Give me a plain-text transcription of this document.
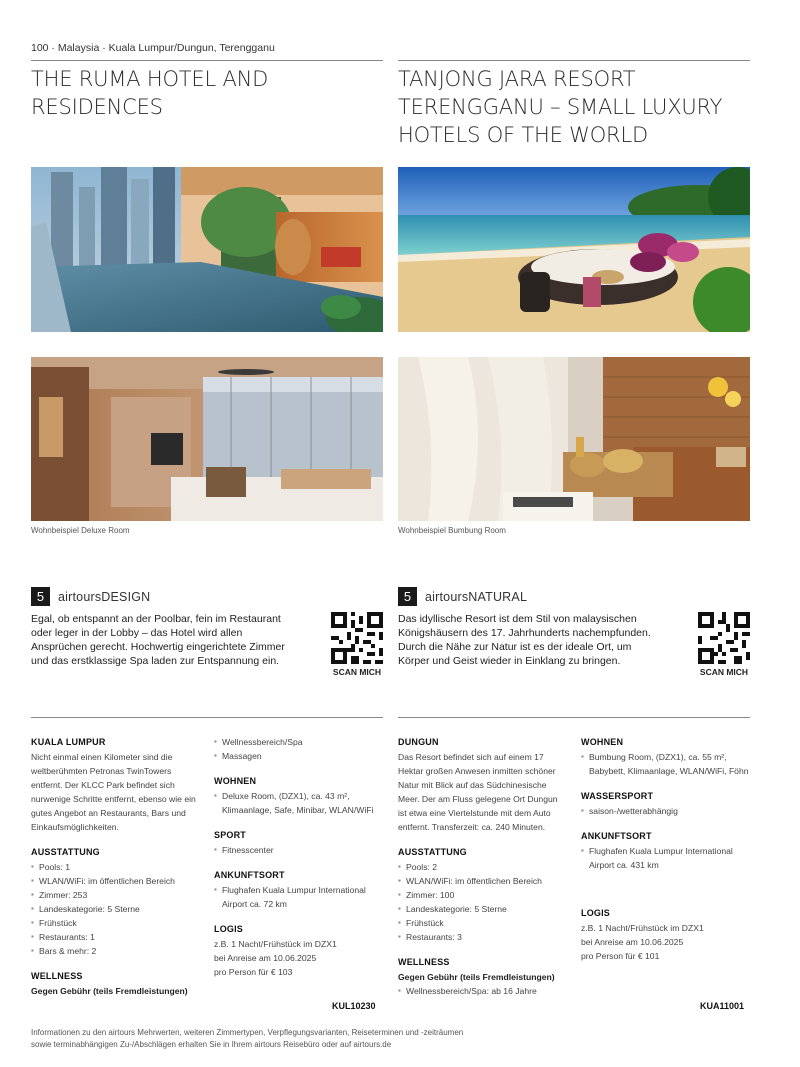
100 · Malaysia · Kuala Lumpur/Dungun, Terengganu
THE RUMA HOTEL AND
RESIDENCES
TANJONG JARA RESORT
TERENGGANU – SMALL LUXURY
HOTELS OF THE WORLD
Wohnbeispiel Deluxe Room	Wohnbeispiel Bumbung Room
5	airtoursDESIGN	5	airtoursNATURAL
Egal, ob entspannt an der Poolbar, fein im Restaurant oder leger in der Lobby – das Hotel wird allen Ansprüchen gerecht. Hochwertig eingerichtete Zimmer und das erstklassige Spa laden zur Entspannung ein.
Das idyllische Resort ist dem Stil von malaysischen Königshäusern des 17. Jahrhunderts nachempfunden. Durch die Nähe zur Natur ist es der ideale Ort, um Körper und Geist wieder in Einklang zu bringen.
SCAN MICH	SCAN MICH
KUALA LUMPUR

Nicht einmal einen Kilometer sind die weltberühmten Petronas TwinTowers entfernt. Der KLCC Park befindet sich nurwenige Schritte entfernt, ebenso wie ein gutes Angebot an Restaurants, Bars und Einkaufsmöglichkeiten.

AUSSTATTUNG
▪ Pools: 1
▪ WLAN/WiFi: im öffentlichen Bereich
▪ Zimmer: 253
▪ Landeskategorie: 5 Sterne
▪ Frühstück
▪ Restaurants: 1
▪ Bars & mehr: 2
WELLNESS

Gegen Gebühr (teils Fremdleistungen)

▪ Wellnessbereich/Spa
▪ Massagen
WOHNEN
▪ Deluxe Room, (DZX1), ca. 43 m², Klimaanlage, Safe, Minibar, WLAN/WiFi
SPORT
▪ Fitnesscenter
ANKUNFTSORT
▪ Flughafen Kuala Lumpur International Airport ca. 72 km
LOGIS

z.B. 1 Nacht/Frühstück im DZX1

bei Anreise am 10.06.2025

pro Person für € 103

KUL10230
DUNGUN

Das Resort befindet sich auf einem 17 Hektar großen Anwesen inmitten schöner Natur mit Blick auf das Südchinesische Meer. Der am Fluss gelegene Ort Dungun ist etwa eine Viertelstunde mit dem Auto entfernt. Transferzeit: ca. 240 Minuten.

AUSSTATTUNG
▪ Pools: 2
▪ WLAN/WiFi: im öffentlichen Bereich
▪ Zimmer: 100
▪ Landeskategorie: 5 Sterne
▪ Frühstück
▪ Restaurants: 3
WELLNESS

Gegen Gebühr (teils Fremdleistungen)

▪ Wellnessbereich/Spa: ab 16 Jahre
WOHNEN
▪ Bumbung Room, (DZX1), ca. 55 m², Babybett, Klimaanlage, WLAN/WiFi, Föhn
WASSERSPORT
▪ saison-/wetterabhängig
ANKUNFTSORT
▪ Flughafen Kuala Lumpur International Airport ca. 431 km
LOGIS

z.B. 1 Nacht/Frühstück im DZX1

bei Anreise am 10.06.2025

pro Person für € 101

KUA11001
Informationen zu den airtours Mehrwerten, weiteren Zimmertypen, Verpflegungsvarianten, Reiseterminen und -zeiträumen
sowie terminabhängigen Zu-/Abschlägen erhalten Sie in Ihrem airtours Reisebüro oder auf airtours.de
